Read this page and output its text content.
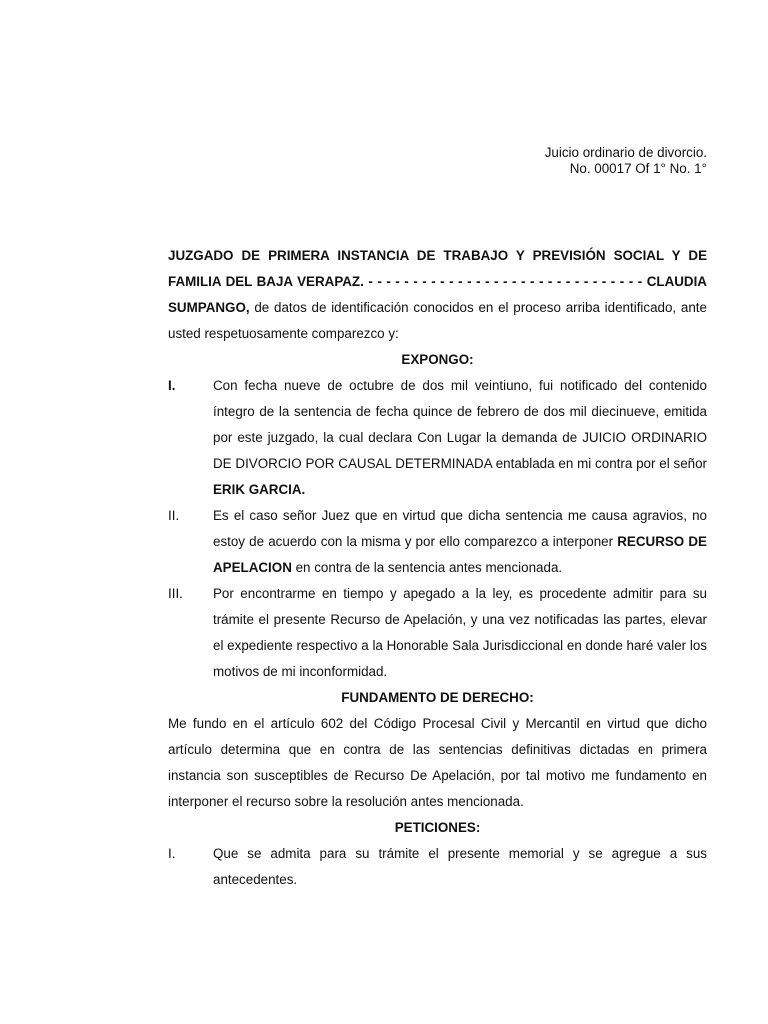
Juicio ordinario de divorcio.
No. 00017 Of 1° No. 1°

JUZGADO DE PRIMERA INSTANCIA DE TRABAJO Y PREVISIÓN SOCIAL Y DE FAMILIA DEL BAJA VERAPAZ. - - - - - - - - - - - - - - - - - - - - - - - - - - - - - - - CLAUDIA SUMPANGO, de datos de identificación conocidos en el proceso arriba identificado, ante usted respetuosamente comparezco y:

EXPONGO:

I.	Con fecha nueve de octubre de dos mil veintiuno, fui notificado del contenido íntegro de la sentencia de fecha quince de febrero de dos mil diecinueve, emitida por este juzgado, la cual declara Con Lugar la demanda de JUICIO ORDINARIO DE DIVORCIO POR CAUSAL DETERMINADA entablada en mi contra por el señor ERIK GARCIA.
II.	Es el caso señor Juez que en virtud que dicha sentencia me causa agravios, no estoy de acuerdo con la misma y por ello comparezco a interponer RECURSO DE APELACION en contra de la sentencia antes mencionada.
III.	Por encontrarme en tiempo y apegado a la ley, es procedente admitir para su trámite el presente Recurso de Apelación, y una vez notificadas las partes, elevar el expediente respectivo a la Honorable Sala Jurisdiccional en donde haré valer los motivos de mi inconformidad.

FUNDAMENTO DE DERECHO:

Me fundo en el artículo 602 del Código Procesal Civil y Mercantil en virtud que dicho artículo determina que en contra de las sentencias definitivas dictadas en primera instancia son susceptibles de Recurso De Apelación, por tal motivo me fundamento en interponer el recurso sobre la resolución antes mencionada.

PETICIONES:

I.	Que se admita para su trámite el presente memorial y se agregue a sus antecedentes.
